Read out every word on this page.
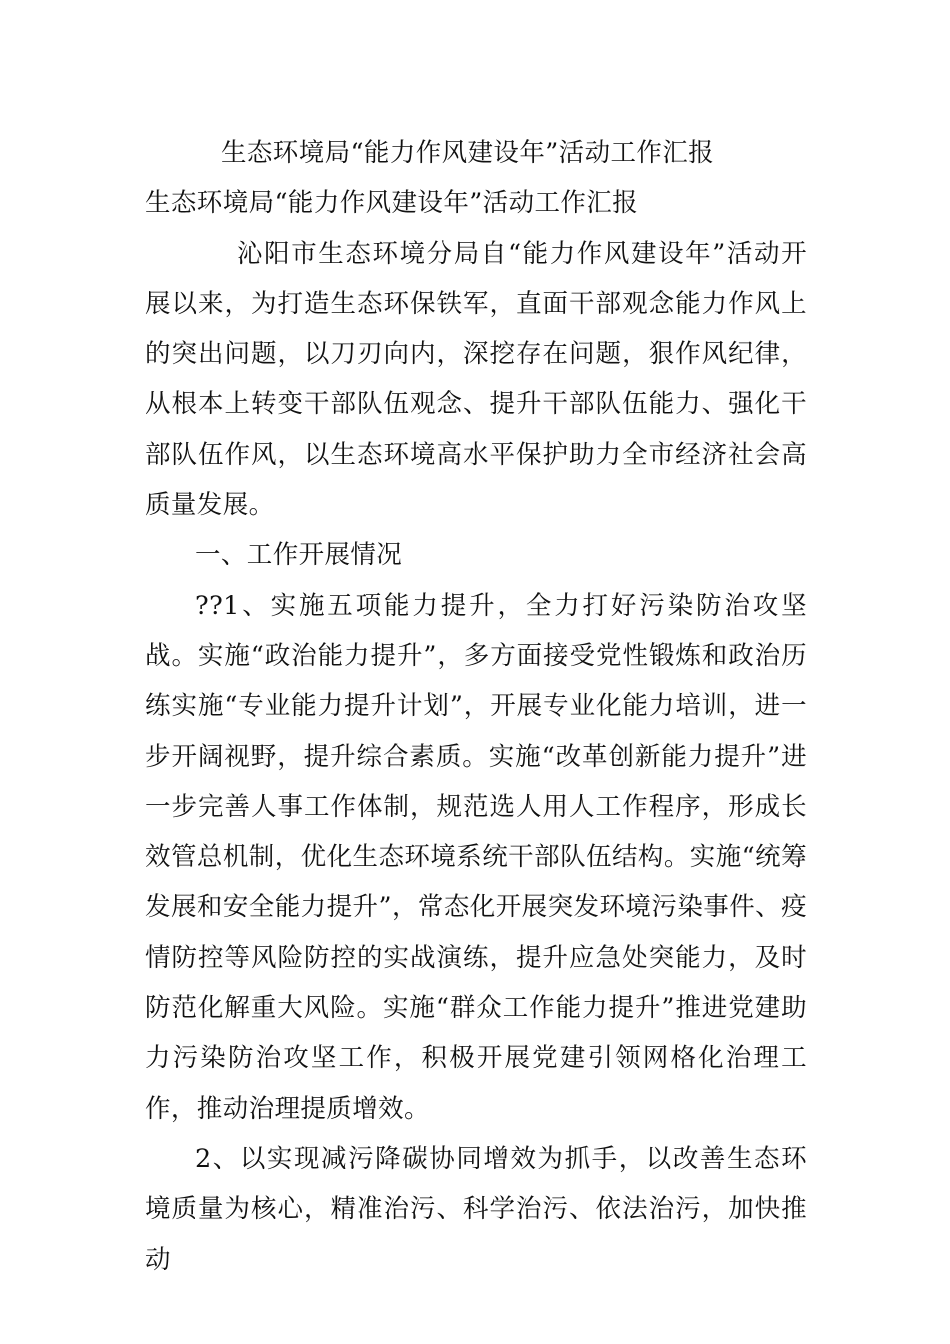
生态环境局“能力作风建设年”活动工作汇报
生态环境局“能力作风建设年”活动工作汇报

沁阳市生态环境分局自“能力作风建设年”活动开展以来，为打造生态环保铁军，直面干部观念能力作风上的突出问题，以刀刃向内，深挖存在问题，狠作风纪律，从根本上转变干部队伍观念、提升干部队伍能力、强化干部队伍作风，以生态环境高水平保护助力全市经济社会高质量发展。

一、工作开展情况

??1、实施五项能力提升，全力打好污染防治攻坚战。实施“政治能力提升”，多方面接受党性锻炼和政治历练实施“专业能力提升计划”，开展专业化能力培训，进一步开阔视野，提升综合素质。实施“改革创新能力提升”进一步完善人事工作体制，规范选人用人工作程序，形成长效管总机制，优化生态环境系统干部队伍结构。实施“统筹发展和安全能力提升”，常态化开展突发环境污染事件、疫情防控等风险防控的实战演练，提升应急处突能力，及时防范化解重大风险。实施“群众工作能力提升”推进党建助力污染防治攻坚工作，积极开展党建引领网格化治理工作，推动治理提质增效。

2、以实现减污降碳协同增效为抓手，以改善生态环境质量为核心，精准治污、科学治污、依法治污，加快推动
